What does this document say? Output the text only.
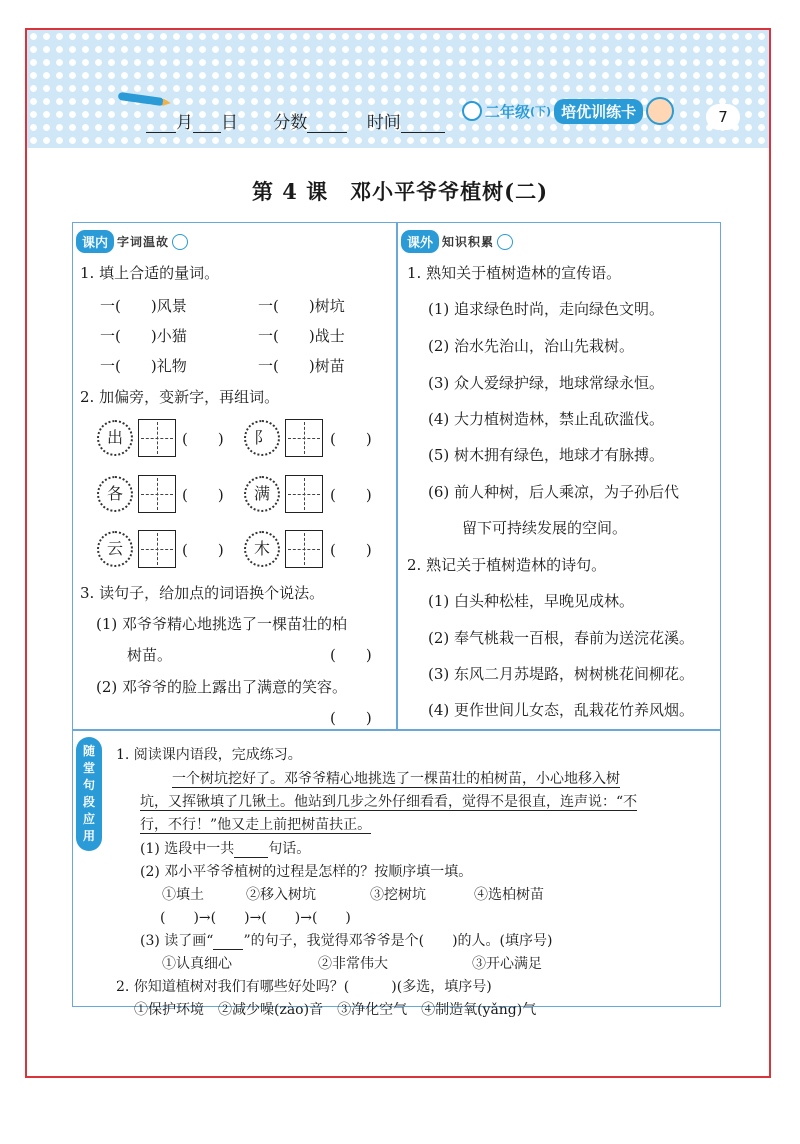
月 日 分数	时间
二年级 (下) 培优训练卡	7
第 4 课　邓小平爷爷植树(二)
课内 字词温故
1. 填上合适的量词。
一(　　)风景	一(　　)树坑
一(　　)小猫	一(　　)战士
一(　　)礼物	一(　　)树苗
2. 加偏旁，变新字，再组词。
出	(　　)	阝	(　　)
各	(　　)	满	(　　)
云	(　　)	木	(　　)
3. 读句子，给加点的词语换个说法。
(1) 邓爷爷精心地挑选了一棵苗壮的柏
树苗。	(　　)
(2) 邓爷爷的脸上露出了满意的笑容。
(　　)
课外 知识积累
1. 熟知关于植树造林的宣传语。
(1) 追求绿色时尚，走向绿色文明。
(2) 治水先治山，治山先栽树。
(3) 众人爱绿护绿，地球常绿永恒。
(4) 大力植树造林，禁止乱砍滥伐。
(5) 树木拥有绿色，地球才有脉搏。
(6) 前人种树，后人乘凉，为子孙后代
留下可持续发展的空间。
2. 熟记关于植树造林的诗句。
(1) 白头种松桂，早晚见成林。
(2) 奉气桃栽一百根，春前为送浣花溪。
(3) 东风二月苏堤路，树树桃花间柳花。
(4) 更作世间儿女态，乱栽花竹养风烟。
随
堂
句
段
应
用
1. 阅读课内语段，完成练习。
一个树坑挖好了。邓爷爷精心地挑选了一棵苗壮的柏树苗，小心地移入树
坑，又挥锹填了几锹土。他站到几步之外仔细看看，觉得不是很直，连声说：“不
行，不行！”他又走上前把树苗扶正。
(1) 选段中一共 句话。
(2) 邓小平爷爷植树的过程是怎样的？按顺序填一填。
①填土	②移入树坑	③挖树坑	④选柏树苗
(　　)→(　　)→(　　)→(　　)
(3) 读了画“ ”的句子，我觉得邓爷爷是个(　　)的人。(填序号)
①认真细心	②非常伟大	③开心满足
2. 你知道植树对我们有哪些好处吗？(　　　)(多选，填序号)
①保护环境　②减少噪(zào)音　③净化空气　④制造氧(yǎng)气
